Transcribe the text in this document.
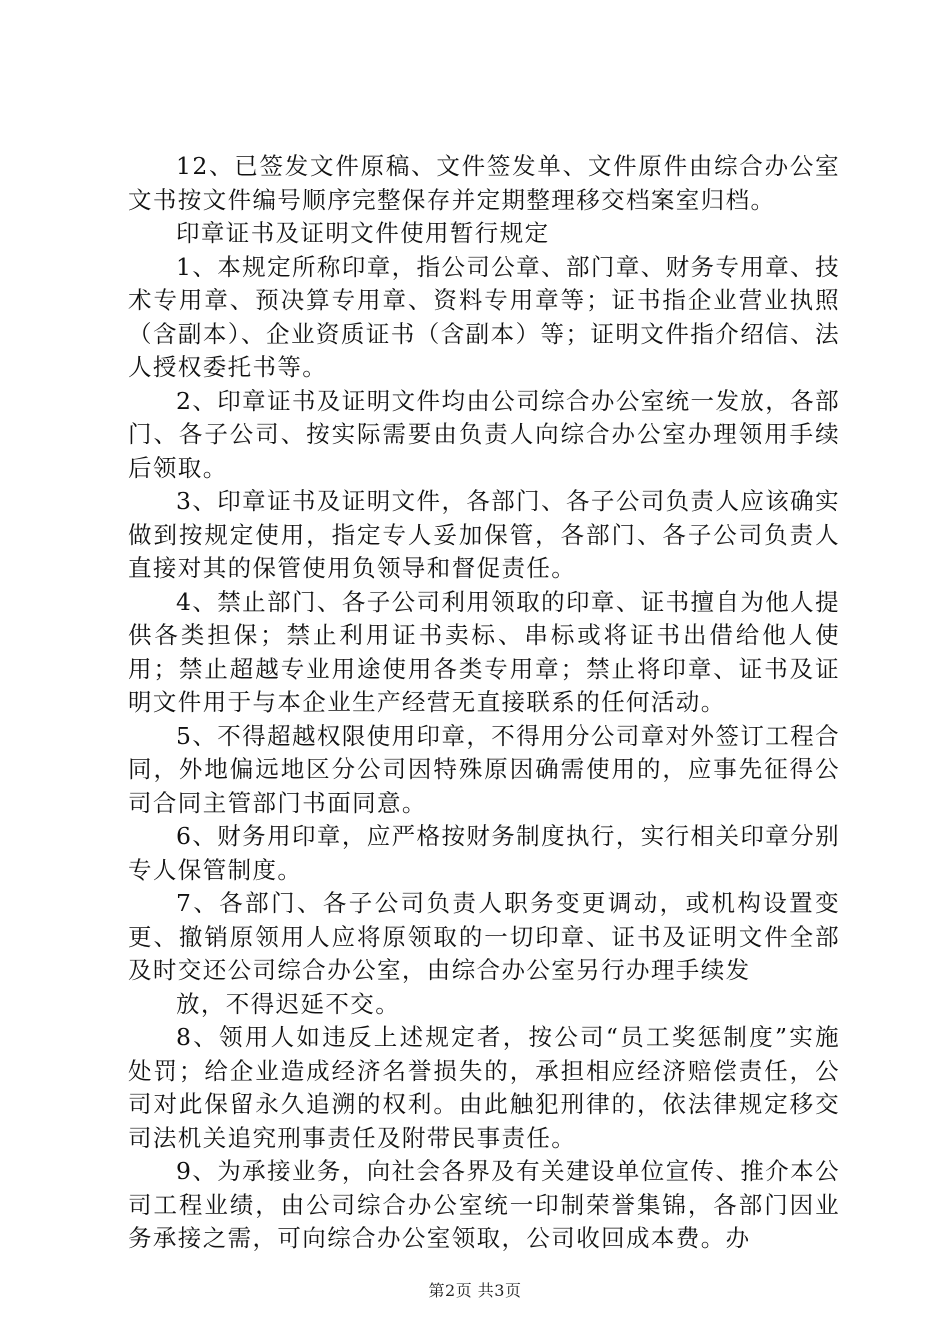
12、已签发文件原稿、文件签发单、文件原件由综合办公室文书按文件编号顺序完整保存并定期整理移交档案室归档。

印章证书及证明文件使用暂行规定

1、本规定所称印章，指公司公章、部门章、财务专用章、技术专用章、预决算专用章、资料专用章等；证书指企业营业执照（含副本）、企业资质证书（含副本）等；证明文件指介绍信、法人授权委托书等。

2、印章证书及证明文件均由公司综合办公室统一发放，各部门、各子公司、按实际需要由负责人向综合办公室办理领用手续后领取。

3、印章证书及证明文件，各部门、各子公司负责人应该确实做到按规定使用，指定专人妥加保管，各部门、各子公司负责人直接对其的保管使用负领导和督促责任。

4、禁止部门、各子公司利用领取的印章、证书擅自为他人提供各类担保；禁止利用证书卖标、串标或将证书出借给他人使用；禁止超越专业用途使用各类专用章；禁止将印章、证书及证明文件用于与本企业生产经营无直接联系的任何活动。

5、不得超越权限使用印章，不得用分公司章对外签订工程合同，外地偏远地区分公司因特殊原因确需使用的，应事先征得公司合同主管部门书面同意。

6、财务用印章，应严格按财务制度执行，实行相关印章分别专人保管制度。

7、各部门、各子公司负责人职务变更调动，或机构设置变更、撤销原领用人应将原领取的一切印章、证书及证明文件全部及时交还公司综合办公室，由综合办公室另行办理手续发

放，不得迟延不交。

8、领用人如违反上述规定者，按公司“员工奖惩制度”实施处罚；给企业造成经济名誉损失的，承担相应经济赔偿责任，公司对此保留永久追溯的权利。由此触犯刑律的，依法律规定移交司法机关追究刑事责任及附带民事责任。

9、为承接业务，向社会各界及有关建设单位宣传、推介本公司工程业绩，由公司综合办公室统一印制荣誉集锦，各部门因业务承接之需，可向综合办公室领取，公司收回成本费。办

第2页 共3页
